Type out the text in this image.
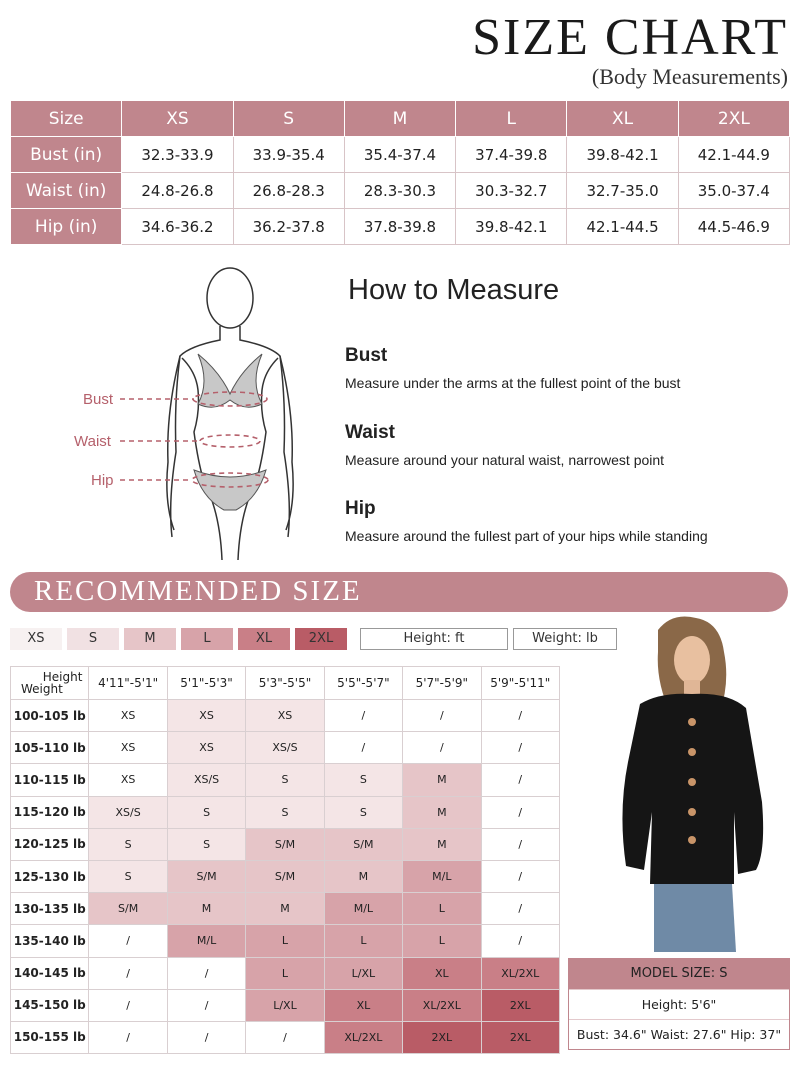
SIZE CHART
(Body Measurements)
Size	XS	S	M	L	XL	2XL
Bust (in)	32.3-33.9	33.9-35.4	35.4-37.4	37.4-39.8	39.8-42.1	42.1-44.9
Waist (in)	24.8-26.8	26.8-28.3	28.3-30.3	30.3-32.7	32.7-35.0	35.0-37.4
Hip (in)	34.6-36.2	36.2-37.8	37.8-39.8	39.8-42.1	42.1-44.5	44.5-46.9
Bust
Waist
Hip
How to Measure
Bust
Measure under the arms at the fullest point of the bust
Waist
Measure around your natural waist, narrowest point
Hip
Measure around the fullest part of your hips while standing
RECOMMENDED SIZE
XS	S	M	L	XL	2XL	Height: ft	Weight: lb
Height
Weight	4'11"-5'1"	5'1"-5'3"	5'3"-5'5"	5'5"-5'7"	5'7"-5'9"	5'9"-5'11"
100-105 lb	XS	XS	XS	/	/	/
105-110 lb	XS	XS	XS/S	/	/	/
110-115 lb	XS	XS/S	S	S	M	/
115-120 lb	XS/S	S	S	S	M	/
120-125 lb	S	S	S/M	S/M	M	/
125-130 lb	S	S/M	S/M	M	M/L	/
130-135 lb	S/M	M	M	M/L	L	/
135-140 lb	/	M/L	L	L	L	/
140-145 lb	/	/	L	L/XL	XL	XL/2XL
145-150 lb	/	/	L/XL	XL	XL/2XL	2XL
150-155 lb	/	/	/	XL/2XL	2XL	2XL
MODEL SIZE: S
Height: 5'6"
Bust: 34.6" Waist: 27.6" Hip: 37"
